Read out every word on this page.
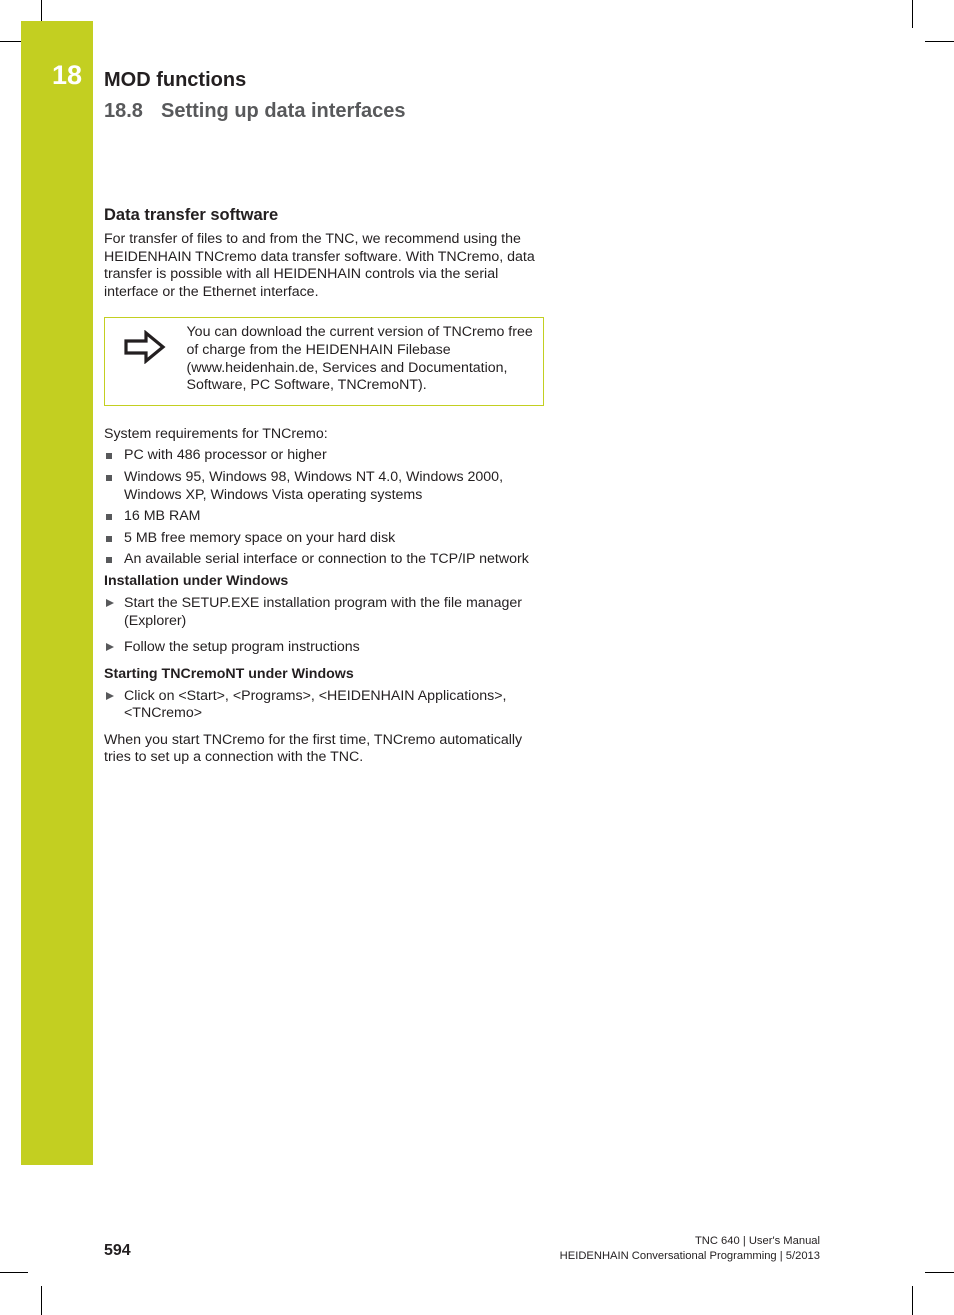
18 MOD functions
18.8 Setting up data interfaces
Data transfer software

For transfer of files to and from the TNC, we recommend using the HEIDENHAIN TNCremo data transfer software. With TNCremo, data transfer is possible with all HEIDENHAIN controls via the serial interface or the Ethernet interface.

You can download the current version of TNCremo free of charge from the HEIDENHAIN Filebase (www.heidenhain.de, Services and Documentation, Software, PC Software, TNCremoNT).

System requirements for TNCremo:

PC with 486 processor or higher
Windows 95, Windows 98, Windows NT 4.0, Windows 2000, Windows XP, Windows Vista operating systems
16 MB RAM
5 MB free memory space on your hard disk
An available serial interface or connection to the TCP/IP network
Installation under Windows
Start the SETUP.EXE installation program with the file manager (Explorer)
Follow the setup program instructions
Starting TNCremoNT under Windows
Click on <Start>, <Programs>, <HEIDENHAIN Applications>, <TNCremo>

When you start TNCremo for the first time, TNCremo automatically tries to set up a connection with the TNC.

594
TNC 640 | User's Manual
HEIDENHAIN Conversational Programming | 5/2013
